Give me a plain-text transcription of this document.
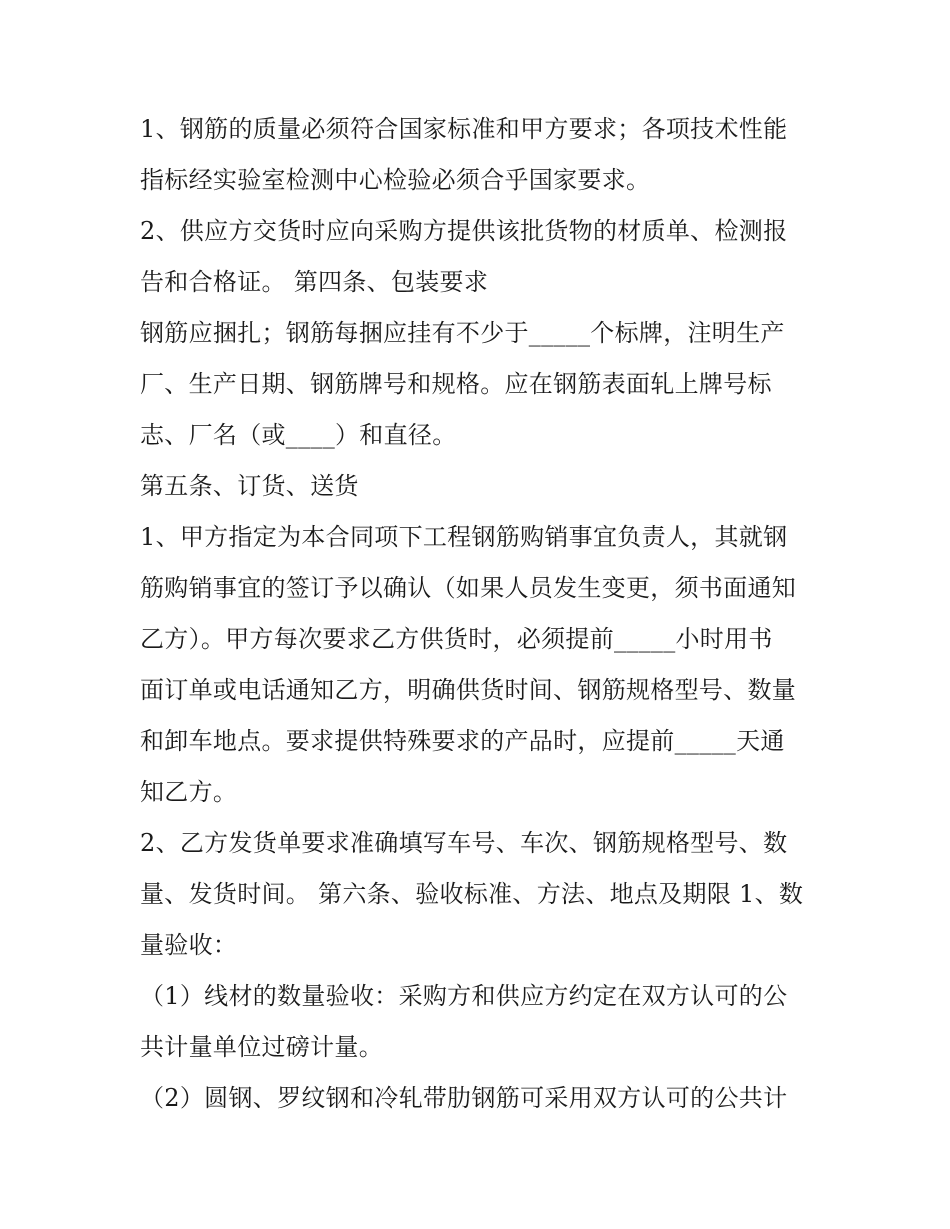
1、钢筋的质量必须符合国家标准和甲方要求；各项技术性能
指标经实验室检测中心检验必须合乎国家要求。
2、供应方交货时应向采购方提供该批货物的材质单、检测报
告和合格证。 第四条、包装要求
钢筋应捆扎；钢筋每捆应挂有不少于_____个标牌，注明生产
厂、生产日期、钢筋牌号和规格。应在钢筋表面轧上牌号标
志、厂名（或____）和直径。
第五条、订货、送货
1、甲方指定为本合同项下工程钢筋购销事宜负责人，其就钢
筋购销事宜的签订予以确认（如果人员发生变更，须书面通知
乙方）。甲方每次要求乙方供货时，必须提前_____小时用书
面订单或电话通知乙方，明确供货时间、钢筋规格型号、数量
和卸车地点。要求提供特殊要求的产品时，应提前_____天通
知乙方。
2、乙方发货单要求准确填写车号、车次、钢筋规格型号、数
量、发货时间。 第六条、验收标准、方法、地点及期限 1、数
量验收：
（1）线材的数量验收：采购方和供应方约定在双方认可的公
共计量单位过磅计量。
（2）圆钢、罗纹钢和冷轧带肋钢筋可采用双方认可的公共计
